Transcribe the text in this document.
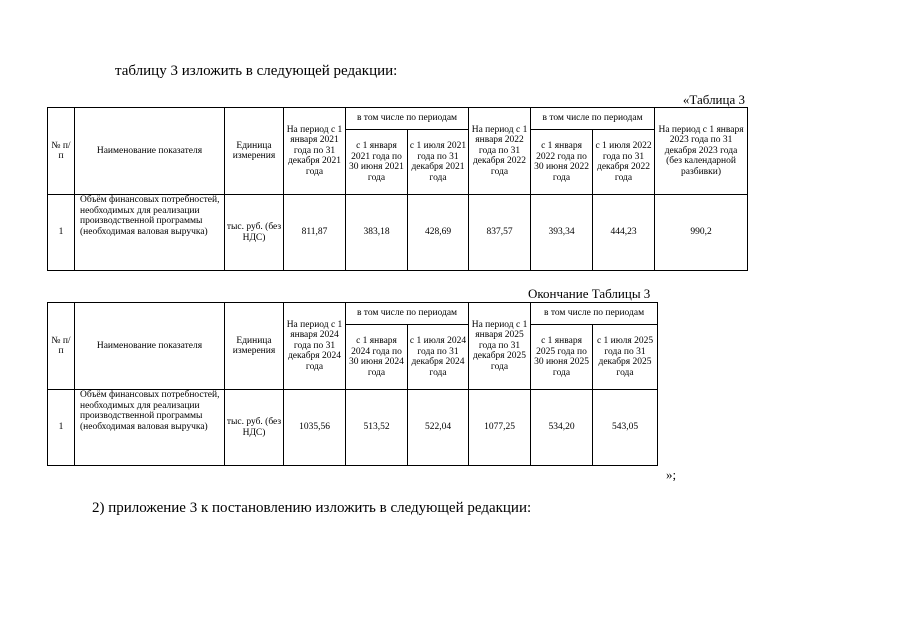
таблицу 3 изложить в следующей редакции:
«Таблица 3
№ п/п	Наименование показателя	Единица измерения	На период с 1 января 2021 года по 31 декабря 2021 года	в том числе по периодам		На период с 1 января 2022 года по 31 декабря 2022 года	в том числе по периодам		На период с 1 января 2023 года по 31 декабря 2023 года (без календарной разбивки)
				с 1 января 2021 года по 30 июня 2021 года	с 1 июля 2021 года по 31 декабря 2021 года		с 1 января 2022 года по 30 июня 2022 года	с 1 июля 2022 года по 31 декабря 2022 года	
1	Объём финансовых потребностей, необходимых для реализации производственной программы (необходимая валовая выручка)	тыс. руб. (без НДС)	811,87	383,18	428,69	837,57	393,34	444,23	990,2
Окончание Таблицы 3
№ п/п	Наименование показателя	Единица измерения	На период с 1 января 2024 года по 31 декабря 2024 года	в том числе по периодам		На период с 1 января 2025 года по 31 декабря 2025 года	в том числе по периодам	
				с 1 января 2024 года по 30 июня 2024 года	с 1 июля 2024 года по 31 декабря 2024 года		с 1 января 2025 года по 30 июня 2025 года	с 1 июля 2025 года по 31 декабря 2025 года
1	Объём финансовых потребностей, необходимых для реализации производственной программы (необходимая валовая выручка)	тыс. руб. (без НДС)	1035,56	513,52	522,04	1077,25	534,20	543,05
»;
2) приложение 3 к постановлению изложить в следующей редакции:
